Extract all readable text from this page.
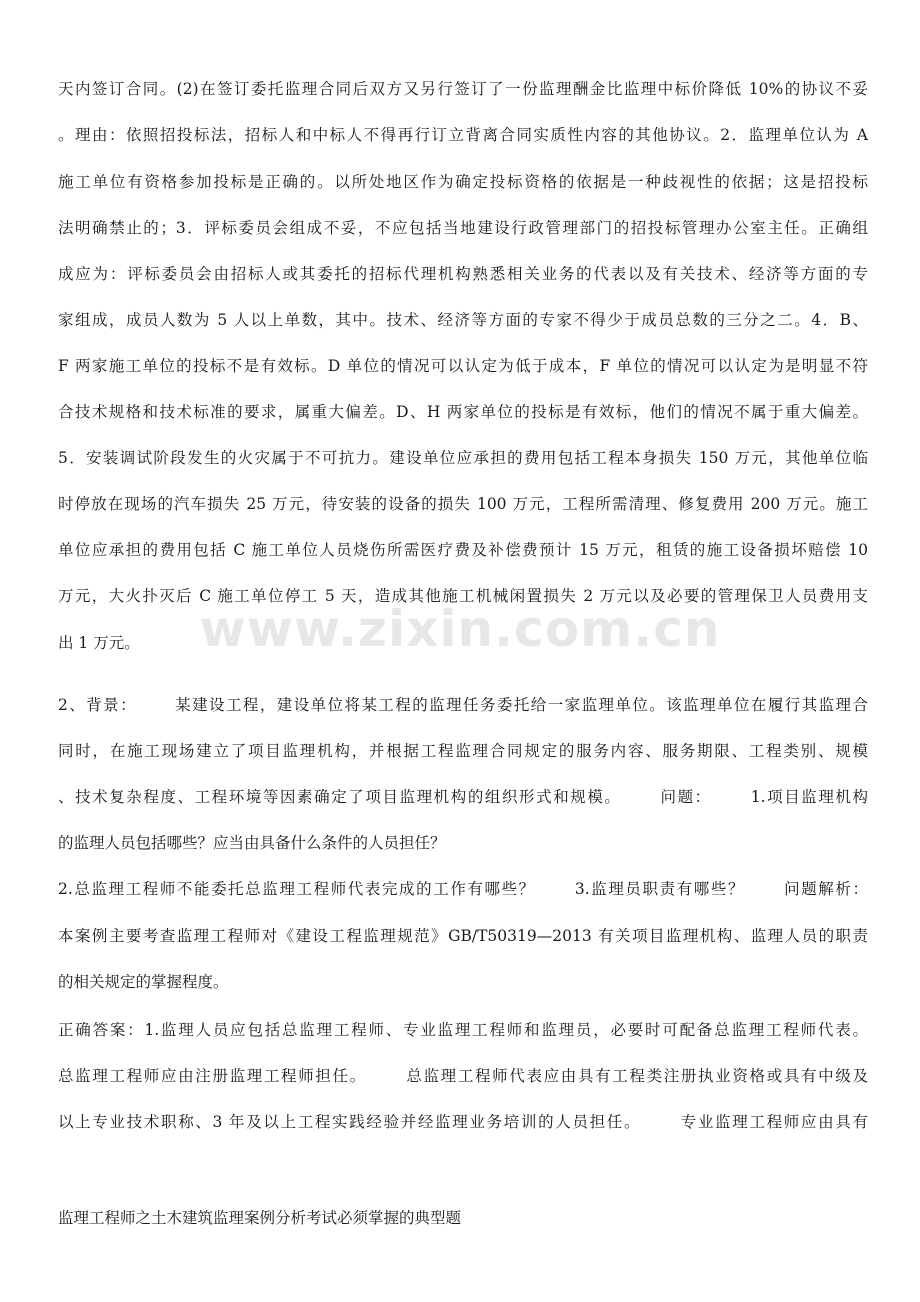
www.zixin.com.cn
天内签订合同。(2)在签订委托监理合同后双方又另行签订了一份监理酬金比监理中标价降低 10%的协议不妥
。理由：依照招投标法，招标人和中标人不得再行订立背离合同实质性内容的其他协议。2．监理单位认为 A
施工单位有资格参加投标是正确的。以所处地区作为确定投标资格的依据是一种歧视性的依据；这是招投标
法明确禁止的；3．评标委员会组成不妥，不应包括当地建设行政管理部门的招投标管理办公室主任。正确组
成应为：评标委员会由招标人或其委托的招标代理机构熟悉相关业务的代表以及有关技术、经济等方面的专
家组成，成员人数为 5 人以上单数，其中。技术、经济等方面的专家不得少于成员总数的三分之二。4．B、
F 两家施工单位的投标不是有效标。D 单位的情况可以认定为低于成本，F 单位的情况可以认定为是明显不符
合技术规格和技术标准的要求，属重大偏差。D、H 两家单位的投标是有效标，他们的情况不属于重大偏差。
5．安装调试阶段发生的火灾属于不可抗力。建设单位应承担的费用包括工程本身损失 150 万元，其他单位临
时停放在现场的汽车损失 25 万元，待安装的设备的损失 100 万元，工程所需清理、修复费用 200 万元。施工
单位应承担的费用包括 C 施工单位人员烧伤所需医疗费及补偿费预计 15 万元，租赁的施工设备损坏赔偿 10
万元，大火扑灭后 C 施工单位停工 5 天，造成其他施工机械闲置损失 2 万元以及必要的管理保卫人员费用支
出 1 万元。
2、背景：      某建设工程，建设单位将某工程的监理任务委托给一家监理单位。该监理单位在履行其监理合
同时，在施工现场建立了项目监理机构，并根据工程监理合同规定的服务内容、服务期限、工程类别、规模
、技术复杂程度、工程环境等因素确定了项目监理机构的组织形式和规模。      问题：      1.项目监理机构
的监理人员包括哪些？应当由具备什么条件的人员担任？
2.总监理工程师不能委托总监理工程师代表完成的工作有哪些？      3.监理员职责有哪些？      问题解析：
本案例主要考查监理工程师对《建设工程监理规范》GB/T50319—2013 有关项目监理机构、监理人员的职责
的相关规定的掌握程度。
正确答案：1.监理人员应包括总监理工程师、专业监理工程师和监理员，必要时可配备总监理工程师代表。
总监理工程师应由注册监理工程师担任。      总监理工程师代表应由具有工程类注册执业资格或具有中级及
以上专业技术职称、3 年及以上工程实践经验并经监理业务培训的人员担任。      专业监理工程师应由具有
监理工程师之土木建筑监理案例分析考试必须掌握的典型题
